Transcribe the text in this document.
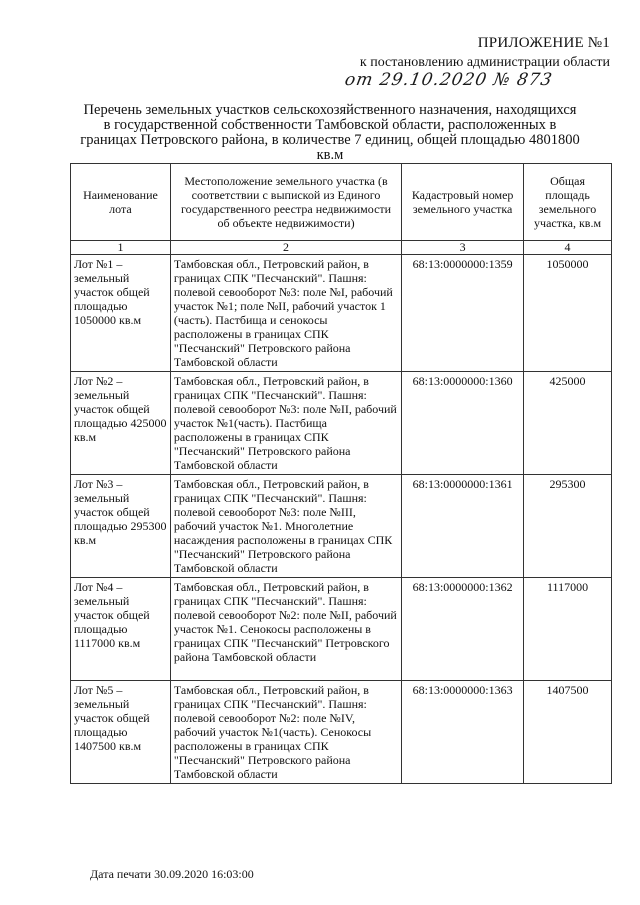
ПРИЛОЖЕНИЕ №1
к постановлению администрации области
от 29.10.2020 № 873
Перечень земельных участков сельскохозяйственного назначения, находящихся в государственной собственности Тамбовской области, расположенных в границах Петровского района, в количестве 7 единиц, общей площадью 4801800 кв.м
Наименование лота	Местоположение земельного участка (в соответствии с выпиской из Единого государственного реестра недвижимости об объекте недвижимости)	Кадастровый номер земельного участка	Общая площадь земельного участка, кв.м
1	2	3	4
Лот №1 – земельный участок общей площадью 1050000 кв.м	Тамбовская обл., Петровский район, в границах СПК "Песчанский". Пашня: полевой севооборот №3: поле №I, рабочий участок №1; поле №II, рабочий участок 1 (часть). Пастбища и сенокосы расположены в границах СПК "Песчанский" Петровского района Тамбовской области	68:13:0000000:1359	1050000
Лот №2 – земельный участок общей площадью 425000 кв.м	Тамбовская обл., Петровский район, в границах СПК "Песчанский". Пашня: полевой севооборот №3: поле №II, рабочий участок №1(часть). Пастбища расположены в границах СПК "Песчанский" Петровского района Тамбовской области	68:13:0000000:1360	425000
Лот №3 – земельный участок общей площадью 295300 кв.м	Тамбовская обл., Петровский район, в границах СПК "Песчанский". Пашня: полевой севооборот №3: поле №III, рабочий участок №1. Многолетние насаждения расположены в границах СПК "Песчанский" Петровского района Тамбовской области	68:13:0000000:1361	295300
Лот №4 – земельный участок общей площадью 1117000 кв.м	Тамбовская обл., Петровский район, в границах СПК "Песчанский". Пашня: полевой севооборот №2: поле №II, рабочий участок №1. Сенокосы расположены в границах СПК "Песчанский" Петровского района Тамбовской области	68:13:0000000:1362	1117000
Лот №5 – земельный участок общей площадью 1407500 кв.м	Тамбовская обл., Петровский район, в границах СПК "Песчанский". Пашня: полевой севооборот №2: поле №IV, рабочий участок №1(часть). Сенокосы расположены в границах СПК "Песчанский" Петровского района Тамбовской области	68:13:0000000:1363	1407500
Дата печати 30.09.2020 16:03:00
